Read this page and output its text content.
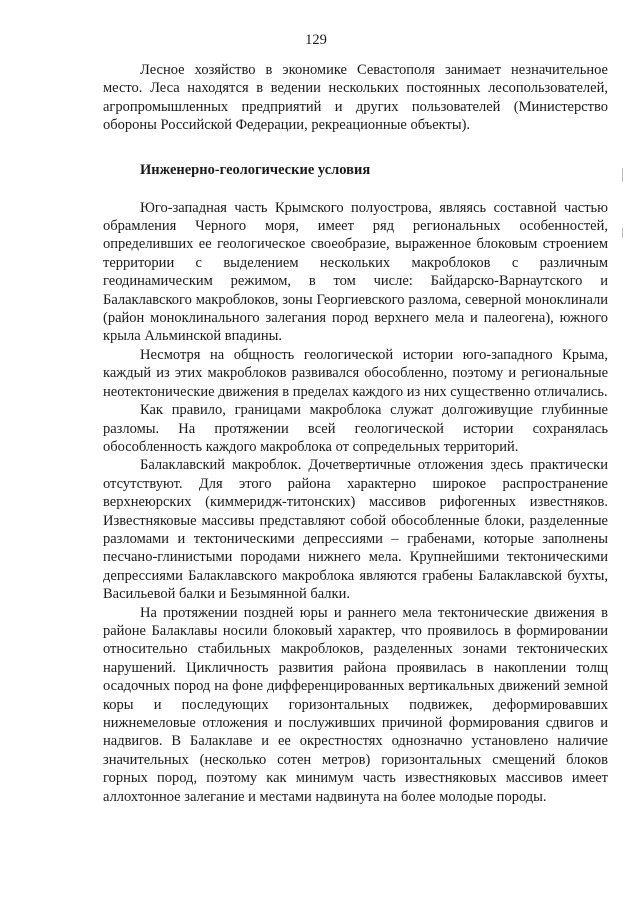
129

Лесное хозяйство в экономике Севастополя занимает незначительное место. Леса находятся в ведении нескольких постоянных лесопользователей, агропромышленных предприятий и других пользователей (Министерство обороны Российской Федерации, рекреационные объекты).

Инженерно-геологические условия

Юго-западная часть Крымского полуострова, являясь составной частью обрамления Черного моря, имеет ряд региональных особенностей, определивших ее геологическое своеобразие, выраженное блоковым строением территории с выделением нескольких макроблоков с различным геодинамическим режимом, в том числе: Байдарско-Варнаутского и Балаклавского макроблоков, зоны Георгиевского разлома, северной моноклинали (район моноклинального залегания пород верхнего мела и палеогена), южного крыла Альминской впадины.

Несмотря на общность геологической истории юго-западного Крыма, каждый из этих макроблоков развивался обособленно, поэтому и региональные неотектонические движения в пределах каждого из них существенно отличались.

Как правило, границами макроблока служат долгоживущие глубинные разломы. На протяжении всей геологической истории сохранялась обособленность каждого макроблока от сопредельных территорий.

Балаклавский макроблок. Дочетвертичные отложения здесь практически отсутствуют. Для этого района характерно широкое распространение верхнеюрских (киммеридж-титонских) массивов рифогенных известняков. Известняковые массивы представляют собой обособленные блоки, разделенные разломами и тектоническими депрессиями – грабенами, которые заполнены песчано-глинистыми породами нижнего мела. Крупнейшими тектоническими депрессиями Балаклавского макроблока являются грабены Балаклавской бухты, Васильевой балки и Безымянной балки.

На протяжении поздней юры и раннего мела тектонические движения в районе Балаклавы носили блоковый характер, что проявилось в формировании относительно стабильных макроблоков, разделенных зонами тектонических нарушений. Цикличность развития района проявилась в накоплении толщ осадочных пород на фоне дифференцированных вертикальных движений земной коры и последующих горизонтальных подвижек, деформировавших нижнемеловые отложения и послуживших причиной формирования сдвигов и надвигов. В Балаклаве и ее окрестностях однозначно установлено наличие значительных (несколько сотен метров) горизонтальных смещений блоков горных пород, поэтому как минимум часть известняковых массивов имеет аллохтонное залегание и местами надвинута на более молодые породы.
